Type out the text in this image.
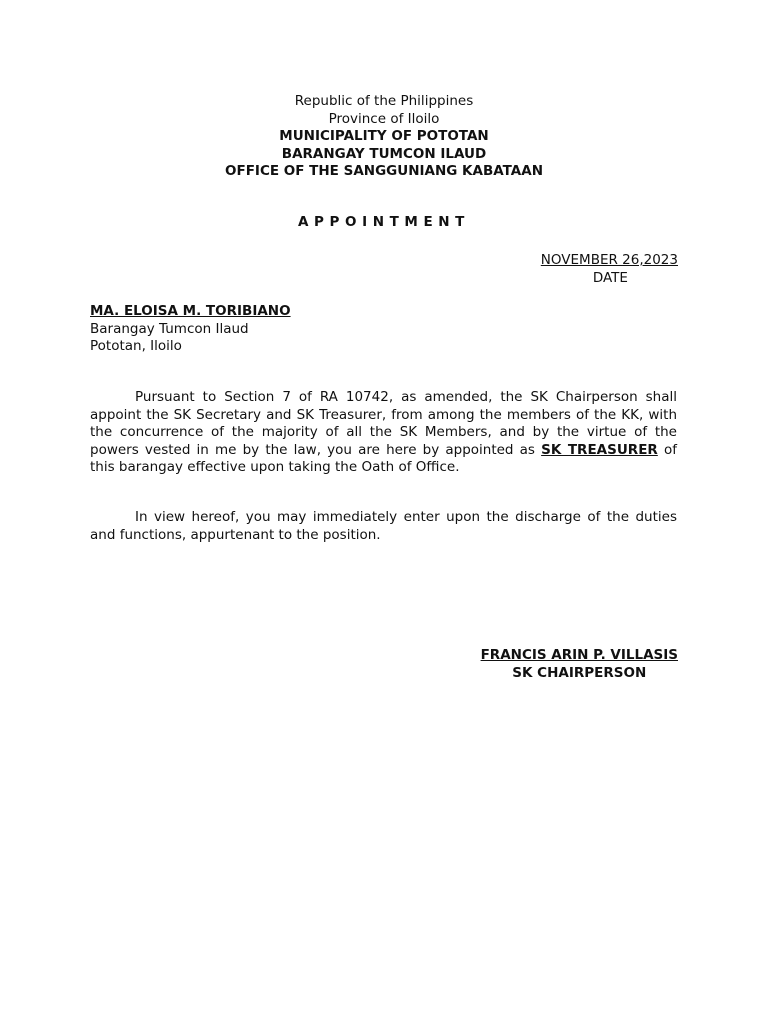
Republic of the Philippines
Province of Iloilo
MUNICIPALITY OF POTOTAN
BARANGAY TUMCON ILAUD
OFFICE OF THE SANGGUNIANG KABATAAN
APPOINTMENT
NOVEMBER 26,2023
DATE
MA. ELOISA M. TORIBIANO
Barangay Tumcon Ilaud
Pototan, Iloilo
Pursuant to Section 7 of RA 10742, as amended, the SK Chairperson shall appoint the SK Secretary and SK Treasurer, from among the members of the KK, with the concurrence of the majority of all the SK Members, and by the virtue of the powers vested in me by the law, you are here by appointed as SK TREASURER of this barangay effective upon taking the Oath of Office.
In view hereof, you may immediately enter upon the discharge of the duties and functions, appurtenant to the position.
FRANCIS ARIN P. VILLASIS
SK CHAIRPERSON
